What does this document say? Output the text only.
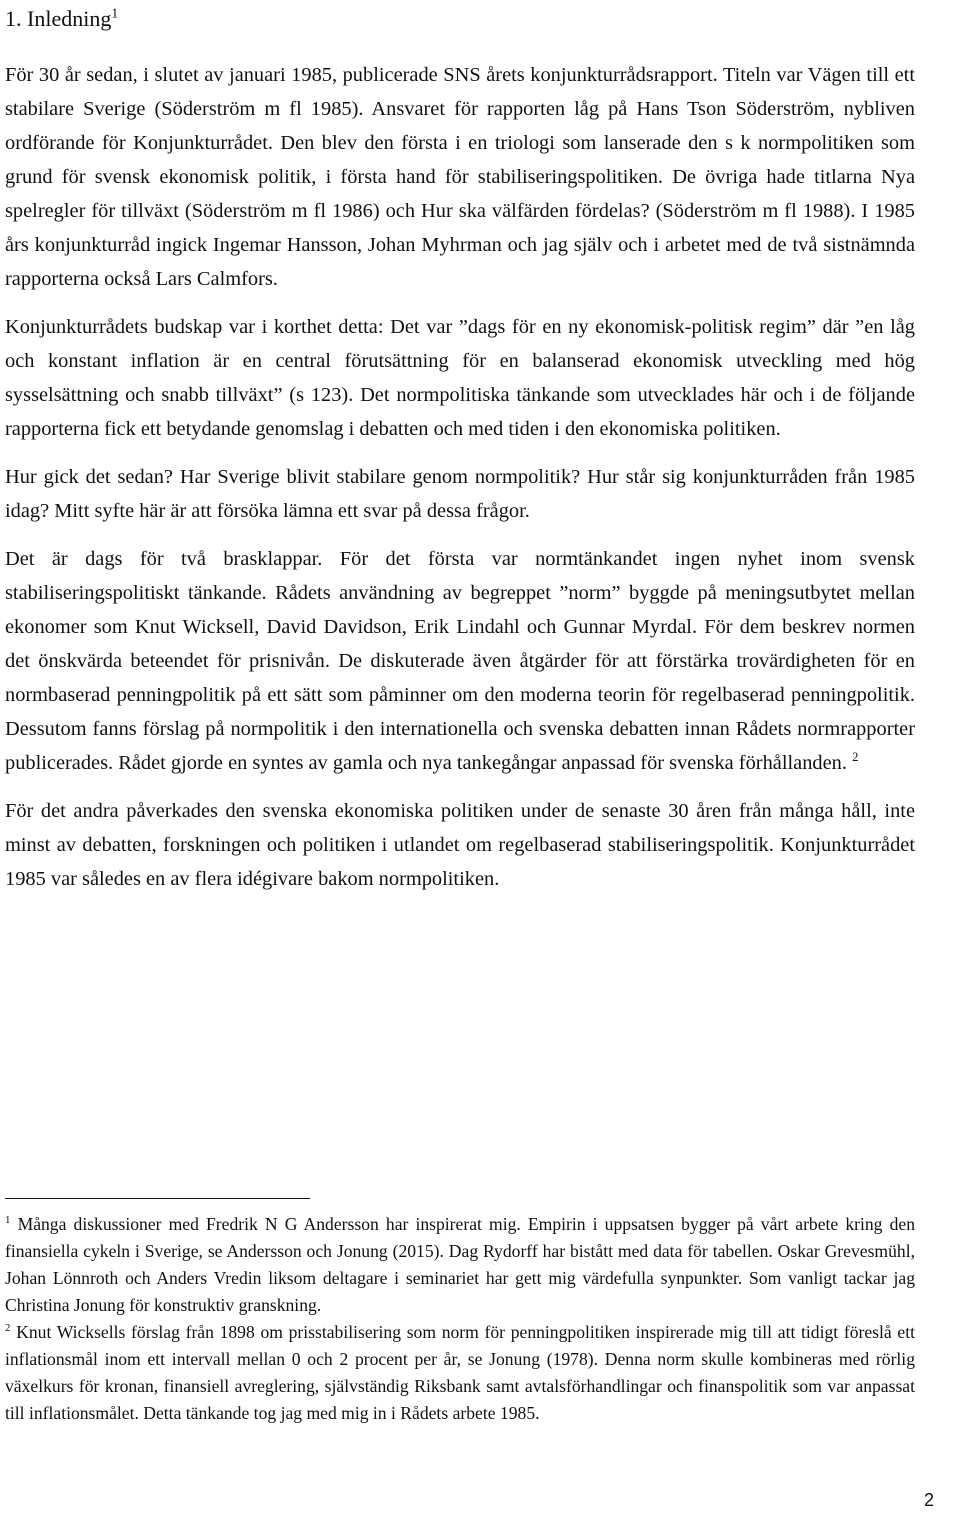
1. Inledning$^1$

För 30 år sedan, i slutet av januari 1985, publicerade SNS årets konjunkturrådsrapport. Titeln var Vägen till ett stabilare Sverige (Söderström m fl 1985). Ansvaret för rapporten låg på Hans Tson Söderström, nybliven ordförande för Konjunkturrådet. Den blev den första i en triologi som lanserade den s k normpolitiken som grund för svensk ekonomisk politik, i första hand för stabiliseringspolitiken. De övriga hade titlarna Nya spelregler för tillväxt (Söderström m fl 1986) och Hur ska välfärden fördelas? (Söderström m fl 1988). I 1985 års konjunkturråd ingick Ingemar Hansson, Johan Myhrman och jag själv och i arbetet med de två sistnämnda rapporterna också Lars Calmfors.

Konjunkturrådets budskap var i korthet detta: Det var ”dags för en ny ekonomisk-politisk regim” där ”en låg och konstant inflation är en central förutsättning för en balanserad ekonomisk utveckling med hög sysselsättning och snabb tillväxt” (s 123). Det normpolitiska tänkande som utvecklades här och i de följande rapporterna fick ett betydande genomslag i debatten och med tiden i den ekonomiska politiken.

Hur gick det sedan? Har Sverige blivit stabilare genom normpolitik? Hur står sig konjunkturråden från 1985 idag? Mitt syfte här är att försöka lämna ett svar på dessa frågor.

Det är dags för två brasklappar. För det första var normtänkandet ingen nyhet inom svensk stabiliseringspolitiskt tänkande. Rådets användning av begreppet ”norm” byggde på meningsutbytet mellan ekonomer som Knut Wicksell, David Davidson, Erik Lindahl och Gunnar Myrdal. För dem beskrev normen det önskvärda beteendet för prisnivån. De diskuterade även åtgärder för att förstärka trovärdigheten för en normbaserad penningpolitik på ett sätt som påminner om den moderna teorin för regelbaserad penningpolitik. Dessutom fanns förslag på normpolitik i den internationella och svenska debatten innan Rådets normrapporter publicerades. Rådet gjorde en syntes av gamla och nya tankegångar anpassad för svenska förhållanden. $^2$

För det andra påverkades den svenska ekonomiska politiken under de senaste 30 åren från många håll, inte minst av debatten, forskningen och politiken i utlandet om regelbaserad stabiliseringspolitik. Konjunkturrådet 1985 var således en av flera idégivare bakom normpolitiken.

$^1$ Många diskussioner med Fredrik N G Andersson har inspirerat mig. Empirin i uppsatsen bygger på vårt arbete kring den finansiella cykeln i Sverige, se Andersson och Jonung (2015). Dag Rydorff har bistått med data för tabellen. Oskar Grevesmühl, Johan Lönnroth och Anders Vredin liksom deltagare i seminariet har gett mig värdefulla synpunkter. Som vanligt tackar jag Christina Jonung för konstruktiv granskning.

$^2$ Knut Wicksells förslag från 1898 om prisstabilisering som norm för penningpolitiken inspirerade mig till att tidigt föreslå ett inflationsmål inom ett intervall mellan 0 och 2 procent per år, se Jonung (1978). Denna norm skulle kombineras med rörlig växelkurs för kronan, finansiell avreglering, självständig Riksbank samt avtalsförhandlingar och finanspolitik som var anpassat till inflationsmålet. Detta tänkande tog jag med mig in i Rådets arbete 1985.

2
